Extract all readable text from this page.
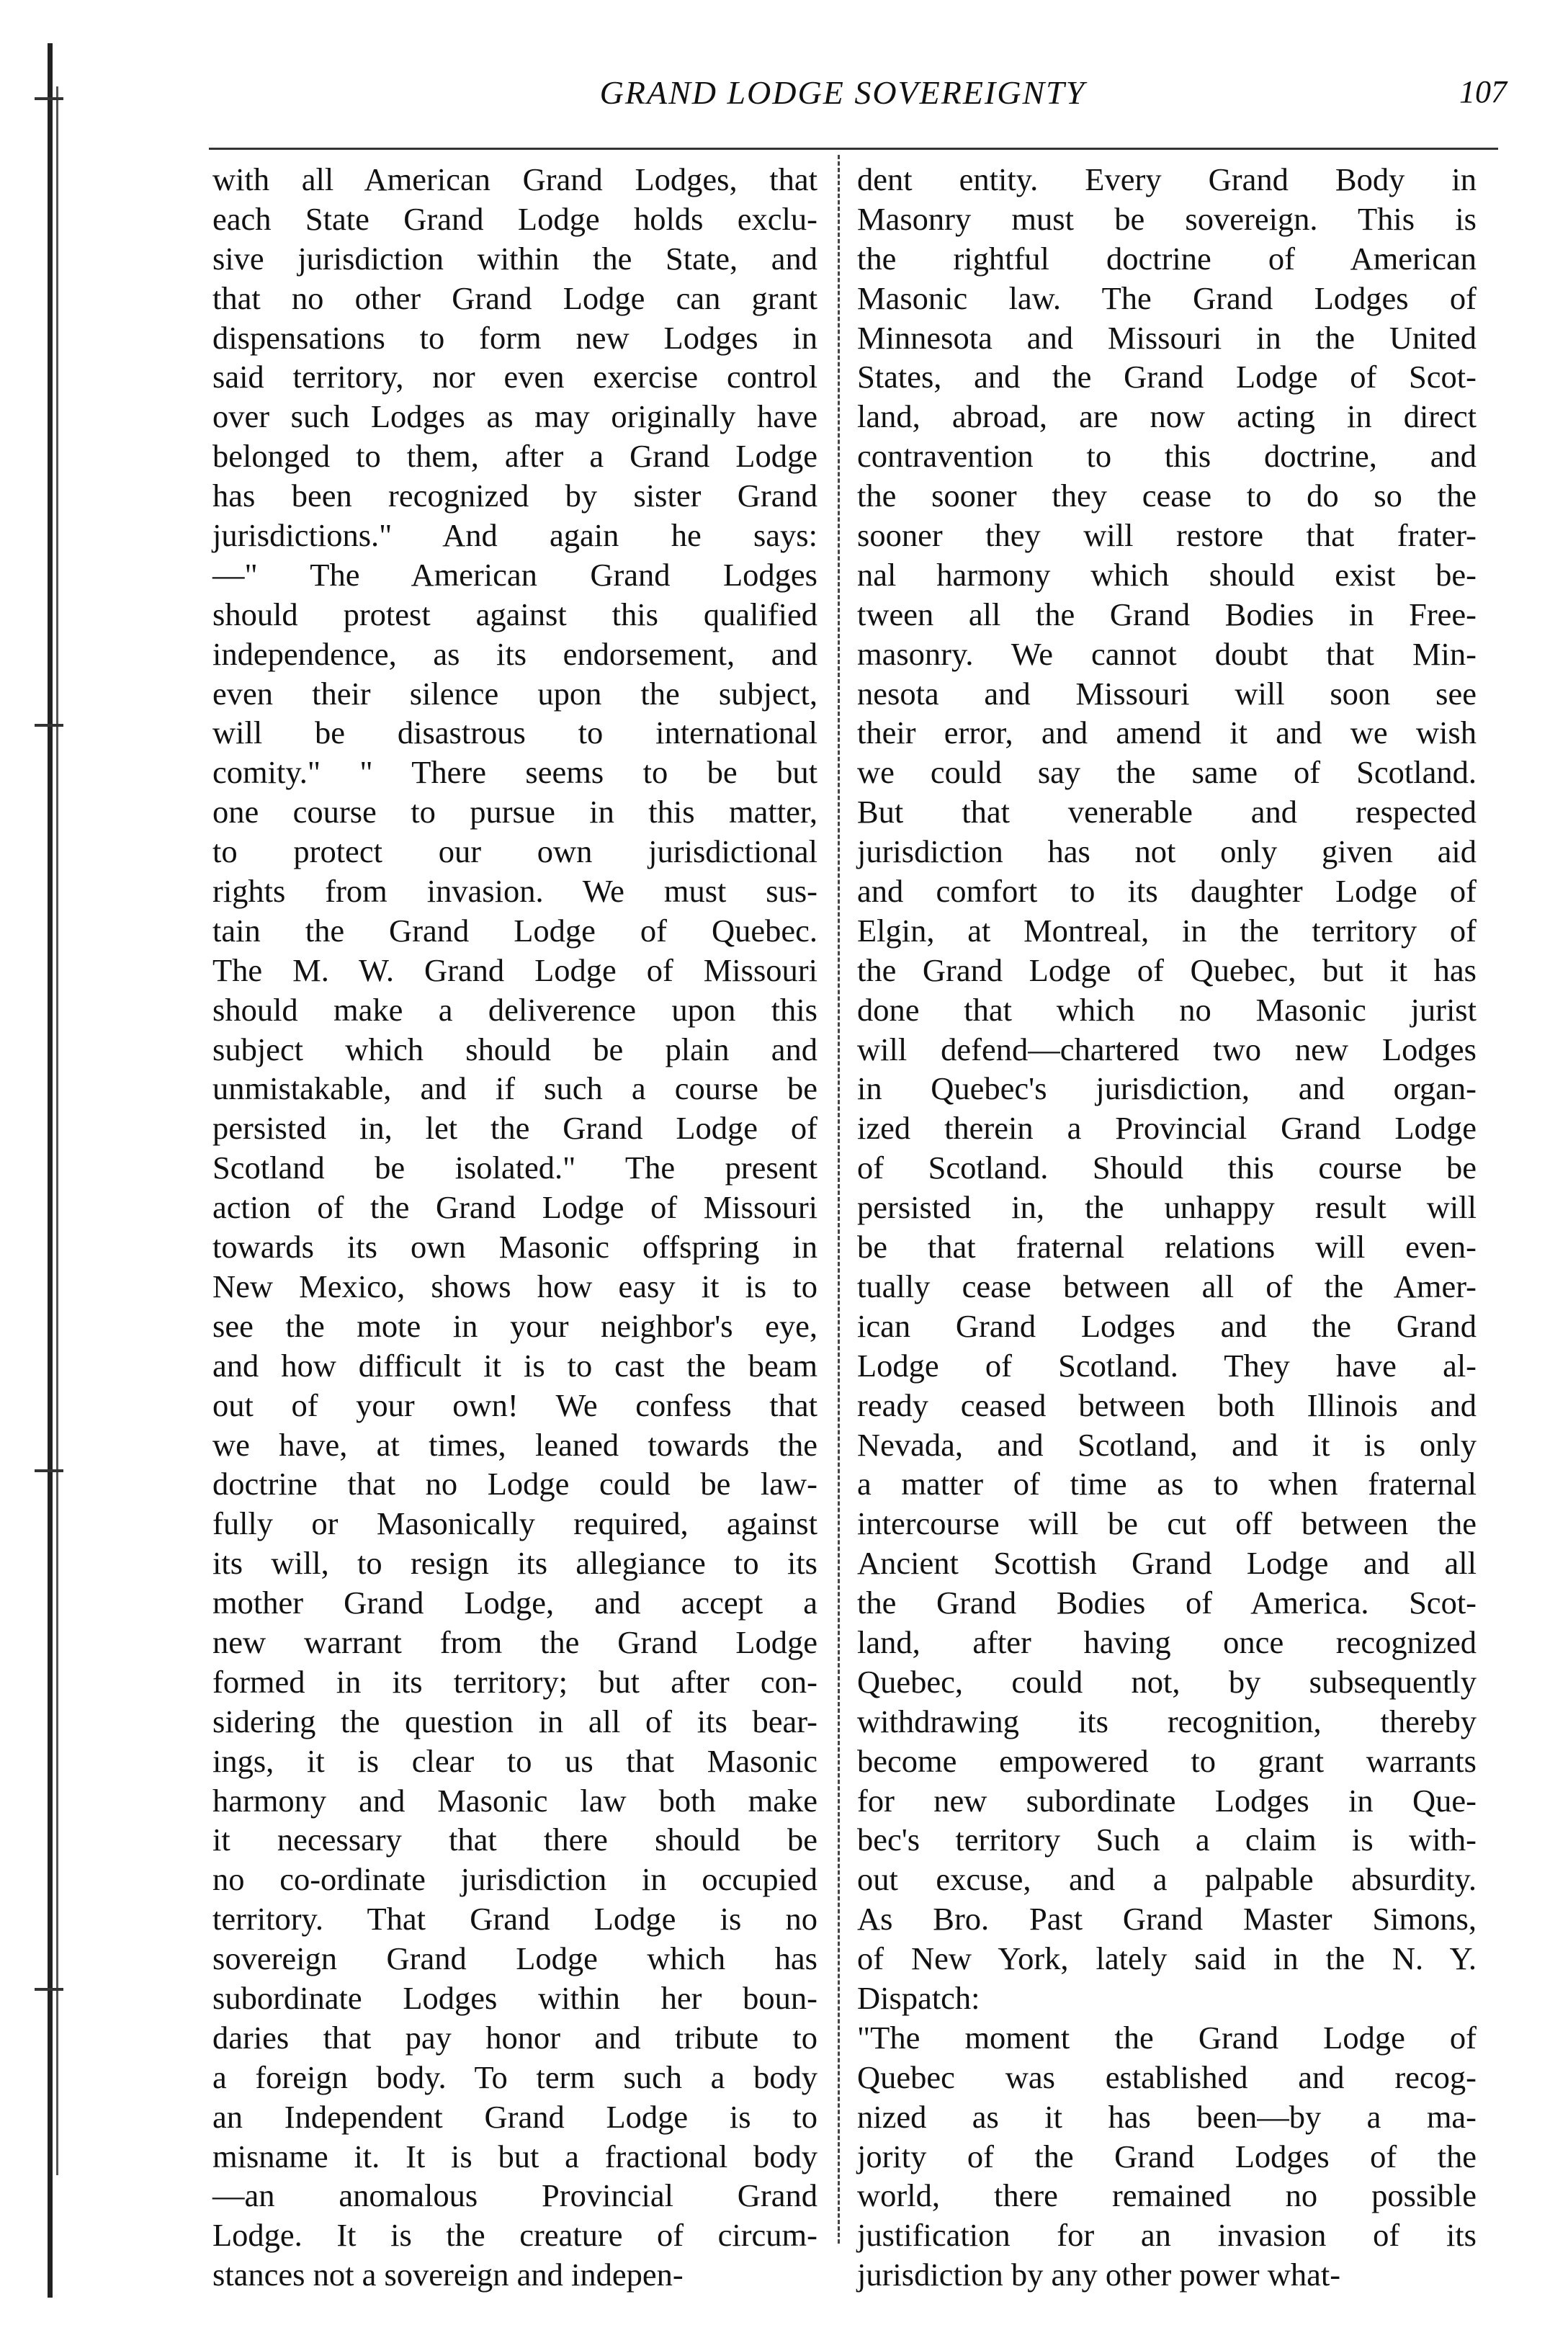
GRAND LODGE SOVEREIGNTY	107
with all American Grand Lodges, that
each State Grand Lodge holds exclu-
sive jurisdiction within the State, and
that no other Grand Lodge can grant
dispensations to form new Lodges in
said territory, nor even exercise control
over such Lodges as may originally have
belonged to them, after a Grand Lodge
has been recognized by sister Grand
jurisdictions." And again he says:
—" The American Grand Lodges
should protest against this qualified
independence, as its endorsement, and
even their silence upon the subject,
will be disastrous to international
comity." " There seems to be but
one course to pursue in this matter,
to protect our own jurisdictional
rights from invasion. We must sus-
tain the Grand Lodge of Quebec.
The M. W. Grand Lodge of Missouri
should make a deliverence upon this
subject which should be plain and
unmistakable, and if such a course be
persisted in, let the Grand Lodge of
Scotland be isolated." The present
action of the Grand Lodge of Missouri
towards its own Masonic offspring in
New Mexico, shows how easy it is to
see the mote in your neighbor's eye,
and how difficult it is to cast the beam
out of your own! We confess that
we have, at times, leaned towards the
doctrine that no Lodge could be law-
fully or Masonically required, against
its will, to resign its allegiance to its
mother Grand Lodge, and accept a
new warrant from the Grand Lodge
formed in its territory; but after con-
sidering the question in all of its bear-
ings, it is clear to us that Masonic
harmony and Masonic law both make
it necessary that there should be
no co-ordinate jurisdiction in occupied
territory. That Grand Lodge is no
sovereign Grand Lodge which has
subordinate Lodges within her boun-
daries that pay honor and tribute to
a foreign body. To term such a body
an Independent Grand Lodge is to
misname it. It is but a fractional body
—an anomalous Provincial Grand
Lodge. It is the creature of circum-
stances not a sovereign and indepen-
dent entity. Every Grand Body in
Masonry must be sovereign. This is
the rightful doctrine of American
Masonic law. The Grand Lodges of
Minnesota and Missouri in the United
States, and the Grand Lodge of Scot-
land, abroad, are now acting in direct
contravention to this doctrine, and
the sooner they cease to do so the
sooner they will restore that frater-
nal harmony which should exist be-
tween all the Grand Bodies in Free-
masonry. We cannot doubt that Min-
nesota and Missouri will soon see
their error, and amend it and we wish
we could say the same of Scotland.
But that venerable and respected
jurisdiction has not only given aid
and comfort to its daughter Lodge of
Elgin, at Montreal, in the territory of
the Grand Lodge of Quebec, but it has
done that which no Masonic jurist
will defend—chartered two new Lodges
in Quebec's jurisdiction, and organ-
ized therein a Provincial Grand Lodge
of Scotland. Should this course be
persisted in, the unhappy result will
be that fraternal relations will even-
tually cease between all of the Amer-
ican Grand Lodges and the Grand
Lodge of Scotland. They have al-
ready ceased between both Illinois and
Nevada, and Scotland, and it is only
a matter of time as to when fraternal
intercourse will be cut off between the
Ancient Scottish Grand Lodge and all
the Grand Bodies of America. Scot-
land, after having once recognized
Quebec, could not, by subsequently
withdrawing its recognition, thereby
become empowered to grant warrants
for new subordinate Lodges in Que-
bec's territory Such a claim is with-
out excuse, and a palpable absurdity.
As Bro. Past Grand Master Simons,
of New York, lately said in the N. Y.
Dispatch:
"The moment the Grand Lodge of
Quebec was established and recog-
nized as it has been—by a ma-
jority of the Grand Lodges of the
world, there remained no possible
justification for an invasion of its
jurisdiction by any other power what-
